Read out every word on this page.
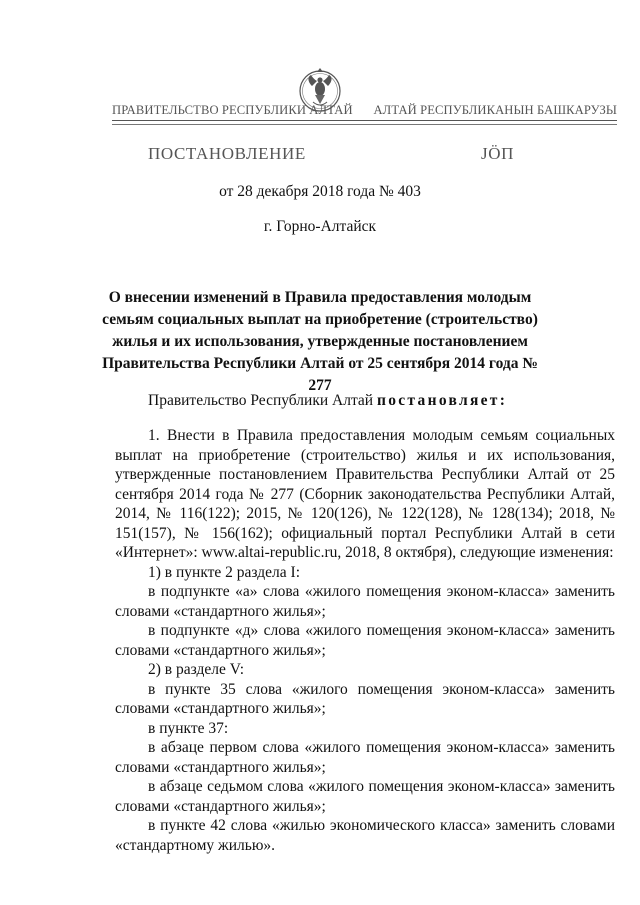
ПРАВИТЕЛЬСТВО РЕСПУБЛИКИ АЛТАЙ АЛТАЙ РЕСПУБЛИКАНЫН БАШКАРУЗЫ
ПОСТАНОВЛЕНИЕ	ЈӦП
от 28 декабря 2018 года № 403
г. Горно-Алтайск
О внесении изменений в Правила предоставления молодым семьям социальных выплат на приобретение (строительство) жилья и их использования, утвержденные постановлением Правительства Республики Алтай от 25 сентября 2014 года № 277
Правительство Республики Алтай постановляет:

1. Внести в Правила предоставления молодым семьям социальных выплат на приобретение (строительство) жилья и их использования, утвержденные постановлением Правительства Республики Алтай от 25 сентября 2014 года № 277 (Сборник законодательства Республики Алтай, 2014, № 116(122); 2015, № 120(126), № 122(128), № 128(134); 2018, № 151(157), № 156(162); официальный портал Республики Алтай в сети «Интернет»: www.altai-republic.ru, 2018, 8 октября), следующие изменения:

1) в пункте 2 раздела I:

в подпункте «а» слова «жилого помещения эконом-класса» заменить словами «стандартного жилья»;

в подпункте «д» слова «жилого помещения эконом-класса» заменить словами «стандартного жилья»;

2) в разделе V:

в пункте 35 слова «жилого помещения эконом-класса» заменить словами «стандартного жилья»;

в пункте 37:

в абзаце первом слова «жилого помещения эконом-класса» заменить словами «стандартного жилья»;

в абзаце седьмом слова «жилого помещения эконом-класса» заменить словами «стандартного жилья»;

в пункте 42 слова «жилью экономического класса» заменить словами «стандартному жилью».
